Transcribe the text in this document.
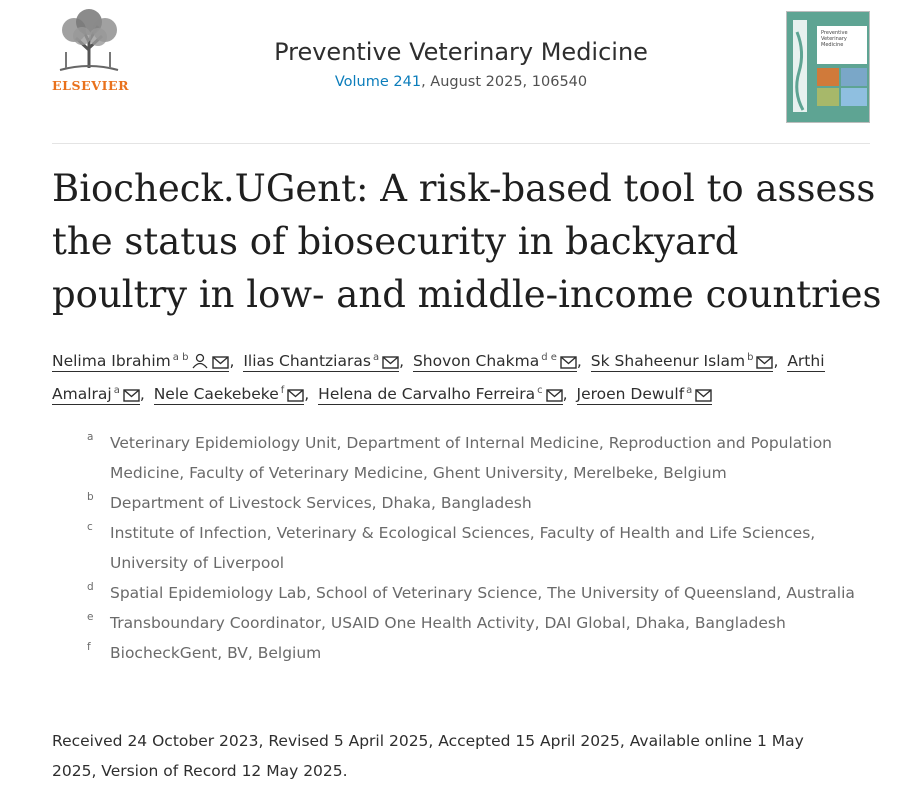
ELSEVIER
Preventive Veterinary Medicine
Volume 241, August 2025, 106540
Preventive
Veterinary
Medicine
Biocheck.UGent: A risk-based tool to assess the status of biosecurity in backyard poultry in low- and middle-income countries
Nelima Ibrahim $^{a b}$	, Ilias Chantziaras $^a$ , Shovon Chakma $^{d e}$ , Sk Shaheenur Islam $^b$ , Arthi Amalraj $^a$ , Nele Caekebeke $^f$ , Helena de Carvalho Ferreira $^c$ , Jeroen Dewulf $^a$
a Veterinary Epidemiology Unit, Department of Internal Medicine, Reproduction and Population Medicine, Faculty of Veterinary Medicine, Ghent University, Merelbeke, Belgium
b Department of Livestock Services, Dhaka, Bangladesh
c Institute of Infection, Veterinary & Ecological Sciences, Faculty of Health and Life Sciences, University of Liverpool
d Spatial Epidemiology Lab, School of Veterinary Science, The University of Queensland, Australia
e Transboundary Coordinator, USAID One Health Activity, DAI Global, Dhaka, Bangladesh
f BiocheckGent, BV, Belgium
Received 24 October 2023, Revised 5 April 2025, Accepted 15 April 2025, Available online 1 May 2025, Version of Record 12 May 2025.
